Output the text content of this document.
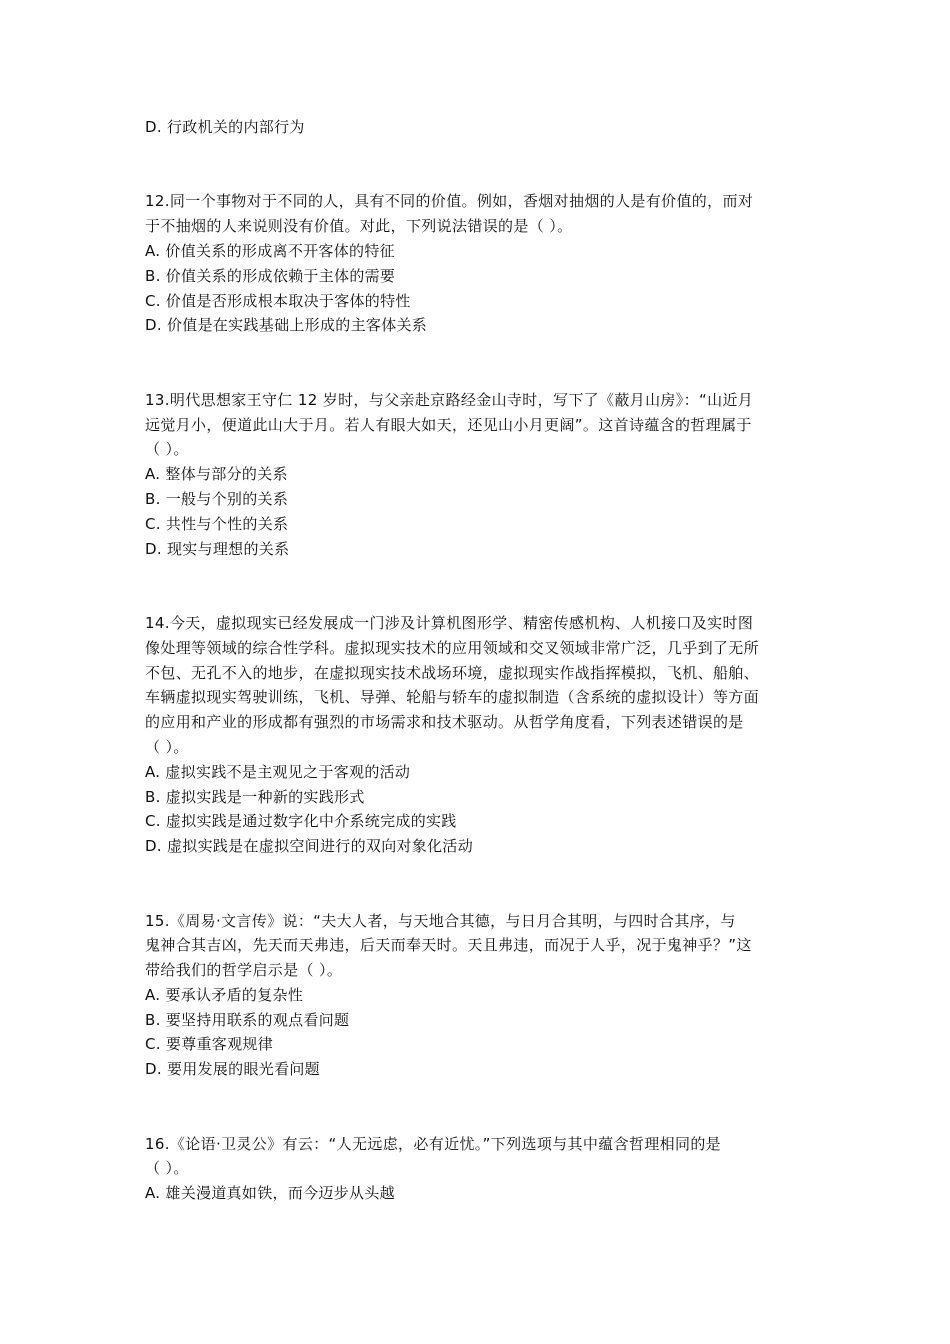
D. 行政机关的内部行为
12.同一个事物对于不同的人，具有不同的价值。例如，香烟对抽烟的人是有价值的，而对
于不抽烟的人来说则没有价值。对此，下列说法错误的是（ ）。
A. 价值关系的形成离不开客体的特征
B. 价值关系的形成依赖于主体的需要
C. 价值是否形成根本取决于客体的特性
D. 价值是在实践基础上形成的主客体关系
13.明代思想家王守仁 12 岁时，与父亲赴京路经金山寺时，写下了《蔽月山房》：“山近月
远觉月小，便道此山大于月。若人有眼大如天，还见山小月更阔”。这首诗蕴含的哲理属于
（ ）。
A. 整体与部分的关系
B. 一般与个别的关系
C. 共性与个性的关系
D. 现实与理想的关系
14.今天，虚拟现实已经发展成一门涉及计算机图形学、精密传感机构、人机接口及实时图
像处理等领域的综合性学科。虚拟现实技术的应用领域和交叉领域非常广泛，几乎到了无所
不包、无孔不入的地步，在虚拟现实技术战场环境，虚拟现实作战指挥模拟，飞机、船舶、
车辆虚拟现实驾驶训练，飞机、导弹、轮船与轿车的虚拟制造（含系统的虚拟设计）等方面
的应用和产业的形成都有强烈的市场需求和技术驱动。从哲学角度看，下列表述错误的是
（ ）。
A. 虚拟实践不是主观见之于客观的活动
B. 虚拟实践是一种新的实践形式
C. 虚拟实践是通过数字化中介系统完成的实践
D. 虚拟实践是在虚拟空间进行的双向对象化活动
15.《周易·文言传》说：“夫大人者，与天地合其德，与日月合其明，与四时合其序，与
鬼神合其吉凶，先天而天弗违，后天而奉天时。天且弗违，而况于人乎，况于鬼神乎？”这
带给我们的哲学启示是（ ）。
A. 要承认矛盾的复杂性
B. 要坚持用联系的观点看问题
C. 要尊重客观规律
D. 要用发展的眼光看问题
16.《论语·卫灵公》有云：“人无远虑，必有近忧。”下列选项与其中蕴含哲理相同的是
（ ）。
A. 雄关漫道真如铁，而今迈步从头越
